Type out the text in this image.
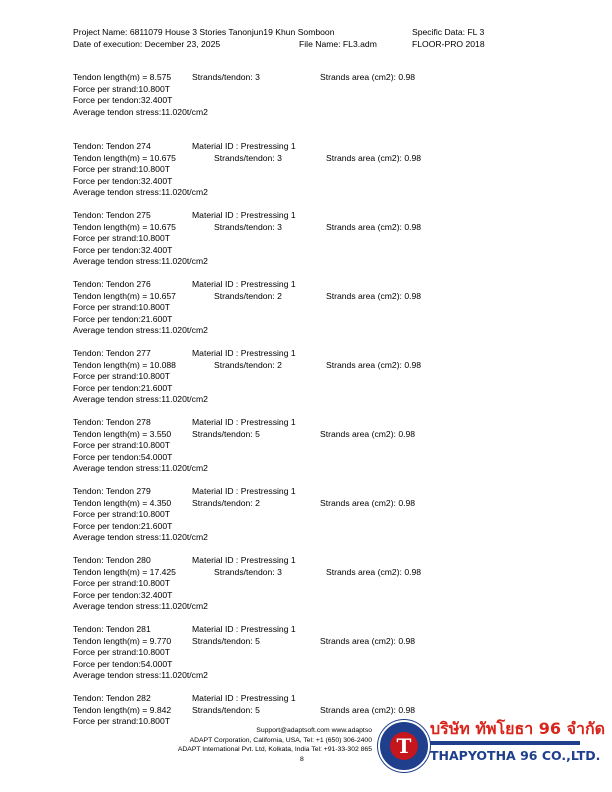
Project Name: 6811079 House 3 Stories Tanonjun19 Khun Somboon	Specific Data: FL 3
Date of execution: December 23, 2025	File Name: FL3.adm	FLOOR-PRO 2018
Tendon length(m) = 8.575 Strands/tendon: 3	Strands area (cm2): 0.98
Force per strand:10.800T
Force per tendon:32.400T
Average tendon stress:11.020t/cm2
Tendon: Tendon 274	Material ID : Prestressing 1
Tendon length(m) = 10.675	Strands/tendon: 3	Strands area (cm2): 0.98
Force per strand:10.800T
Force per tendon:32.400T
Average tendon stress:11.020t/cm2
Tendon: Tendon 275	Material ID : Prestressing 1
Tendon length(m) = 10.675	Strands/tendon: 3	Strands area (cm2): 0.98
Force per strand:10.800T
Force per tendon:32.400T
Average tendon stress:11.020t/cm2
Tendon: Tendon 276	Material ID : Prestressing 1
Tendon length(m) = 10.657	Strands/tendon: 2	Strands area (cm2): 0.98
Force per strand:10.800T
Force per tendon:21.600T
Average tendon stress:11.020t/cm2
Tendon: Tendon 277	Material ID : Prestressing 1
Tendon length(m) = 10.088	Strands/tendon: 2	Strands area (cm2): 0.98
Force per strand:10.800T
Force per tendon:21.600T
Average tendon stress:11.020t/cm2
Tendon: Tendon 278	Material ID : Prestressing 1
Tendon length(m) = 3.550 Strands/tendon: 5	Strands area (cm2): 0.98
Force per strand:10.800T
Force per tendon:54.000T
Average tendon stress:11.020t/cm2
Tendon: Tendon 279	Material ID : Prestressing 1
Tendon length(m) = 4.350 Strands/tendon: 2	Strands area (cm2): 0.98
Force per strand:10.800T
Force per tendon:21.600T
Average tendon stress:11.020t/cm2
Tendon: Tendon 280	Material ID : Prestressing 1
Tendon length(m) = 17.425	Strands/tendon: 3	Strands area (cm2): 0.98
Force per strand:10.800T
Force per tendon:32.400T
Average tendon stress:11.020t/cm2
Tendon: Tendon 281	Material ID : Prestressing 1
Tendon length(m) = 9.770 Strands/tendon: 5	Strands area (cm2): 0.98
Force per strand:10.800T
Force per tendon:54.000T
Average tendon stress:11.020t/cm2
Tendon: Tendon 282	Material ID : Prestressing 1
Tendon length(m) = 9.842 Strands/tendon: 5	Strands area (cm2): 0.98
Force per strand:10.800T
Support@adaptsoft.com www.adaptso
ADAPT Corporation, California, USA, Tel: +1 (650) 306-2400
ADAPT International Pvt. Ltd, Kolkata, India Tel: +91-33-302 865
8
T
บริษัท ทัพโยธา 96 จำกัด
THAPYOTHA 96 CO.,LTD.
